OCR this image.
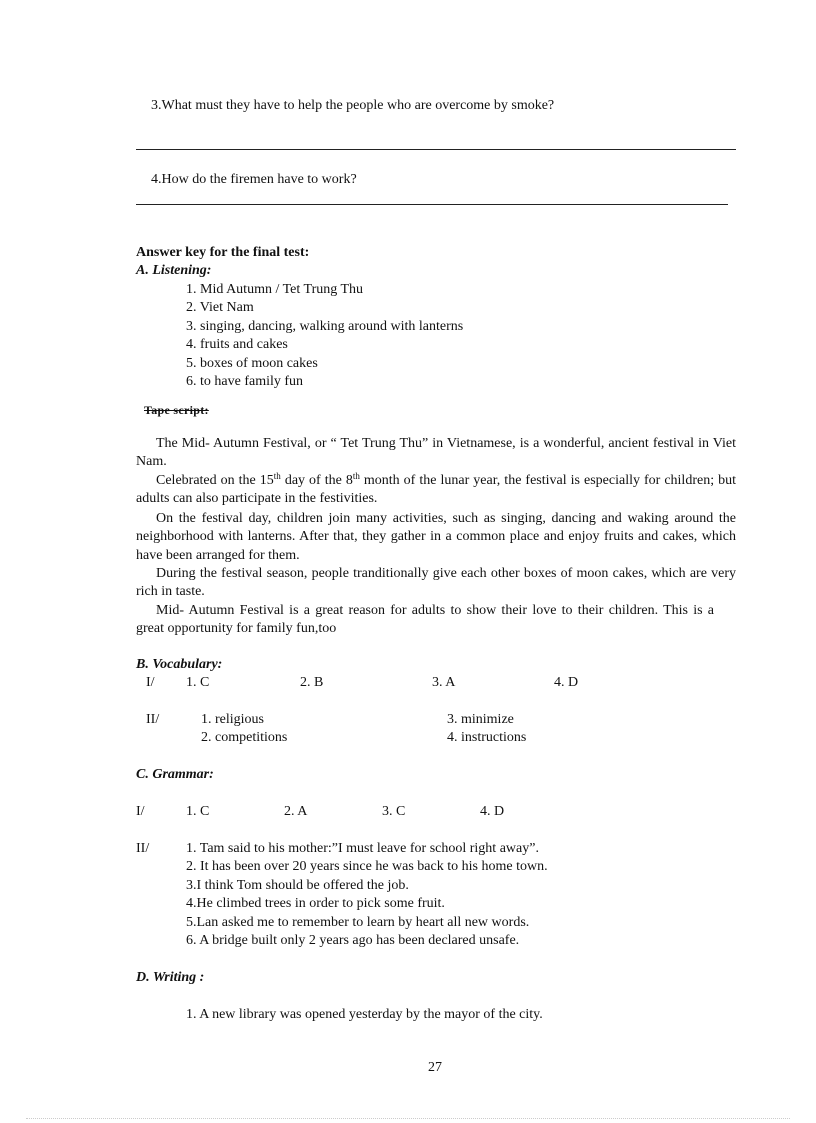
3.What must they have to help the people who are overcome by smoke?
4.How do the firemen have to work?
Answer key for the final test:
A. Listening:
1. Mid Autumn / Tet Trung Thu
2. Viet Nam
3. singing, dancing, walking around with lanterns
4. fruits and cakes
5. boxes of moon cakes
6. to have family fun
Tape script:
The Mid- Autumn Festival, or “ Tet Trung Thu” in Vietnamese, is a wonderful, ancient festival in Viet Nam.
Celebrated on the 15th day of the 8th month of the lunar year, the festival is especially for children; but adults can also participate in the festivities.
On the festival day, children join many activities, such as singing, dancing and waking around the neighborhood with lanterns. After that, they gather in a common place and enjoy fruits and cakes, which have been arranged for them.
During the festival season, people tranditionally give each other boxes of moon cakes, which are very rich in taste.
Mid- Autumn Festival is a great reason for adults to show their love to their children. This is a great opportunity for family fun,too
B. Vocabulary:
I/ 1. C	2. B	3. A	4. D
II/	1. religious
2. competitions
3. minimize
4. instructions
C. Grammar:
I/	1. C	2. A	3. C	4. D
II/	1. Tam said to his mother:”I must leave for school right away”.
2. It has been over 20 years since he was back to his home town.
3.I think Tom should be offered the job.
4.He climbed trees in order to pick some fruit.
5.Lan asked me to remember to learn by heart all new words.
6. A bridge built only 2 years ago has been declared unsafe.
D. Writing :
1. A new library was opened yesterday by the mayor of the city.
27
